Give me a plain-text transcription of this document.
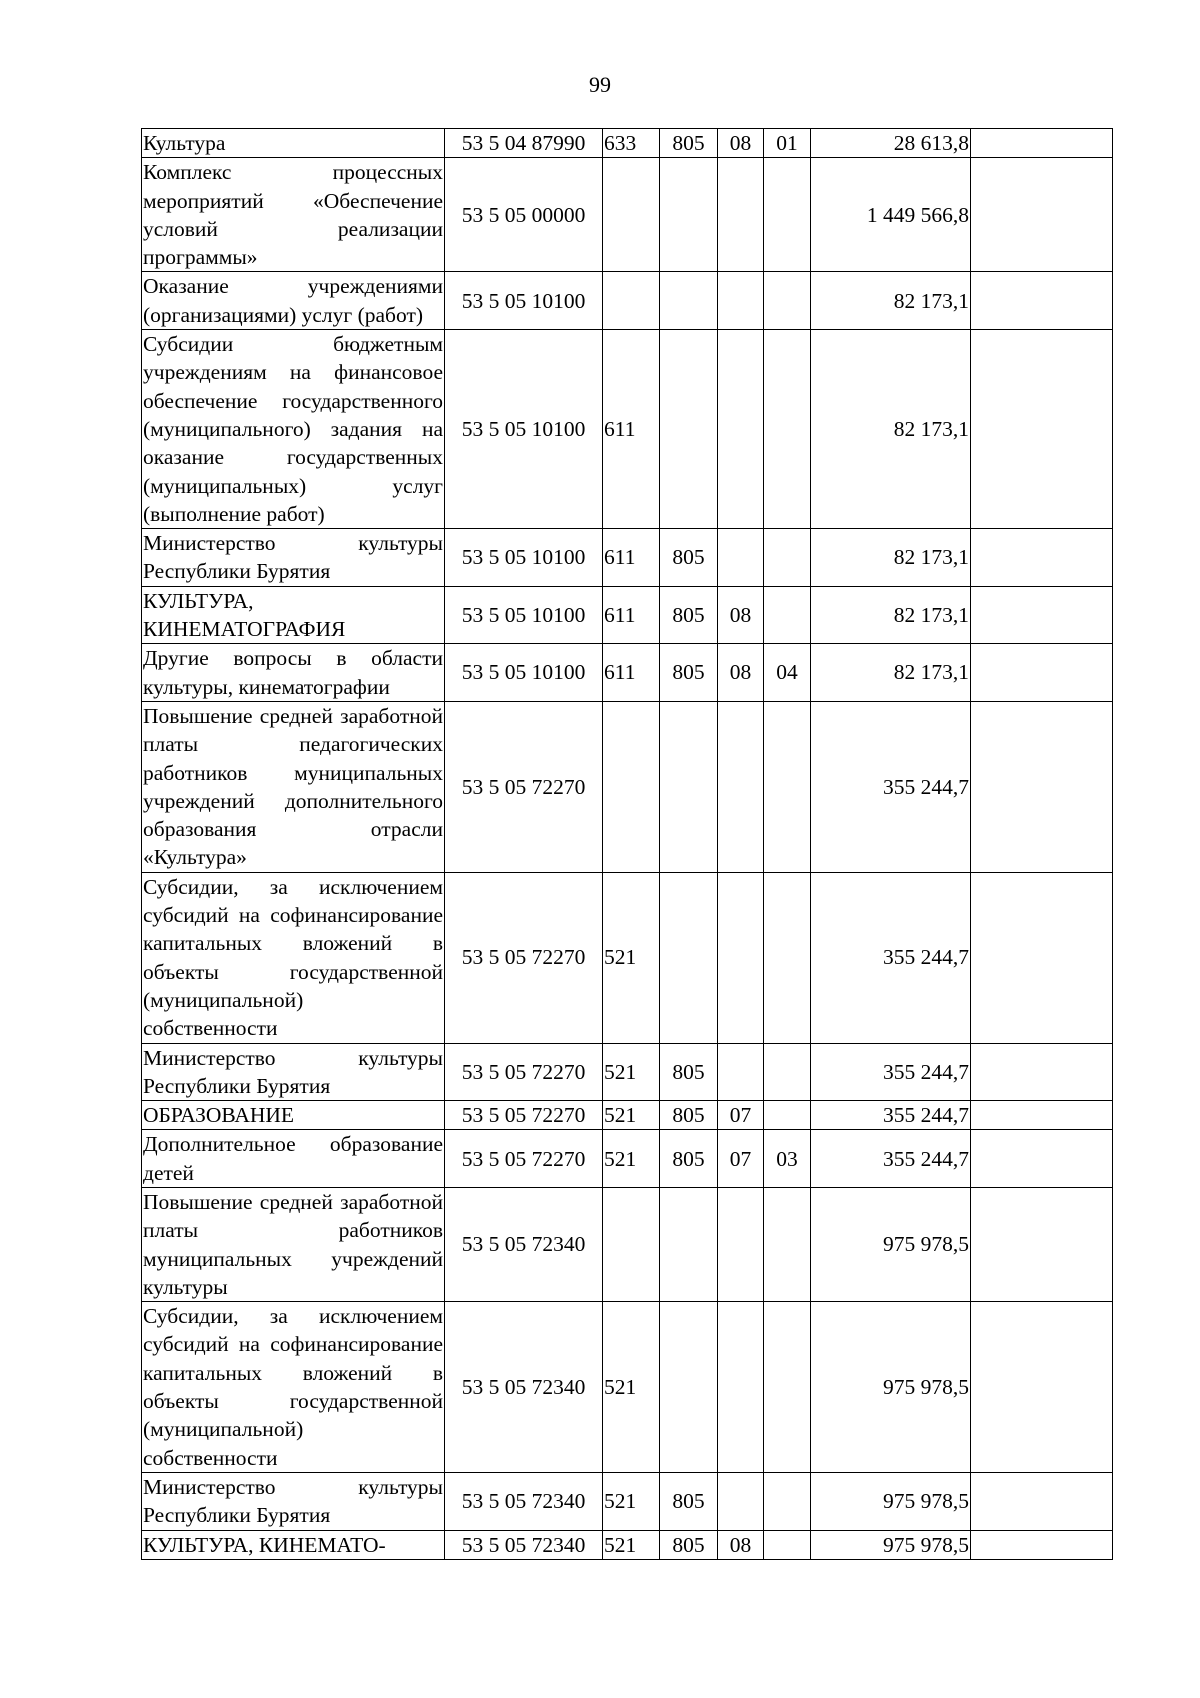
99
Культура	53 5 04 87990	633	805	08	01	28 613,8	
Комплекс процессных мероприятий «Обеспечение условий реализации программы»	53 5 05 00000					1 449 566,8	
Оказание учреждениями (организациями) услуг (работ)	53 5 05 10100					82 173,1	
Субсидии бюджетным учреждениям на финансовое обеспечение государственного (муниципального) задания на оказание государственных (муниципальных) услуг (выполнение работ)	53 5 05 10100	611				82 173,1	
Министерство культуры Республики Бурятия	53 5 05 10100	611	805			82 173,1	
КУЛЬТУРА, КИНЕМАТОГРАФИЯ	53 5 05 10100	611	805	08		82 173,1	
Другие вопросы в области культуры, кинематографии	53 5 05 10100	611	805	08	04	82 173,1	
Повышение средней заработной платы педагогических работников муниципальных учреждений дополнительного образования отрасли «Культура»	53 5 05 72270					355 244,7	
Субсидии, за исключением субсидий на софинансирование капитальных вложений в объекты государственной (муниципальной) собственности	53 5 05 72270	521				355 244,7	
Министерство культуры Республики Бурятия	53 5 05 72270	521	805			355 244,7	
ОБРАЗОВАНИЕ	53 5 05 72270	521	805	07		355 244,7	
Дополнительное образование детей	53 5 05 72270	521	805	07	03	355 244,7	
Повышение средней заработной платы работников муниципальных учреждений культуры	53 5 05 72340					975 978,5	
Субсидии, за исключением субсидий на софинансирование капитальных вложений в объекты государственной (муниципальной) собственности	53 5 05 72340	521				975 978,5	
Министерство культуры Республики Бурятия	53 5 05 72340	521	805			975 978,5	
КУЛЬТУРА, КИНЕМАТО-	53 5 05 72340	521	805	08		975 978,5	
